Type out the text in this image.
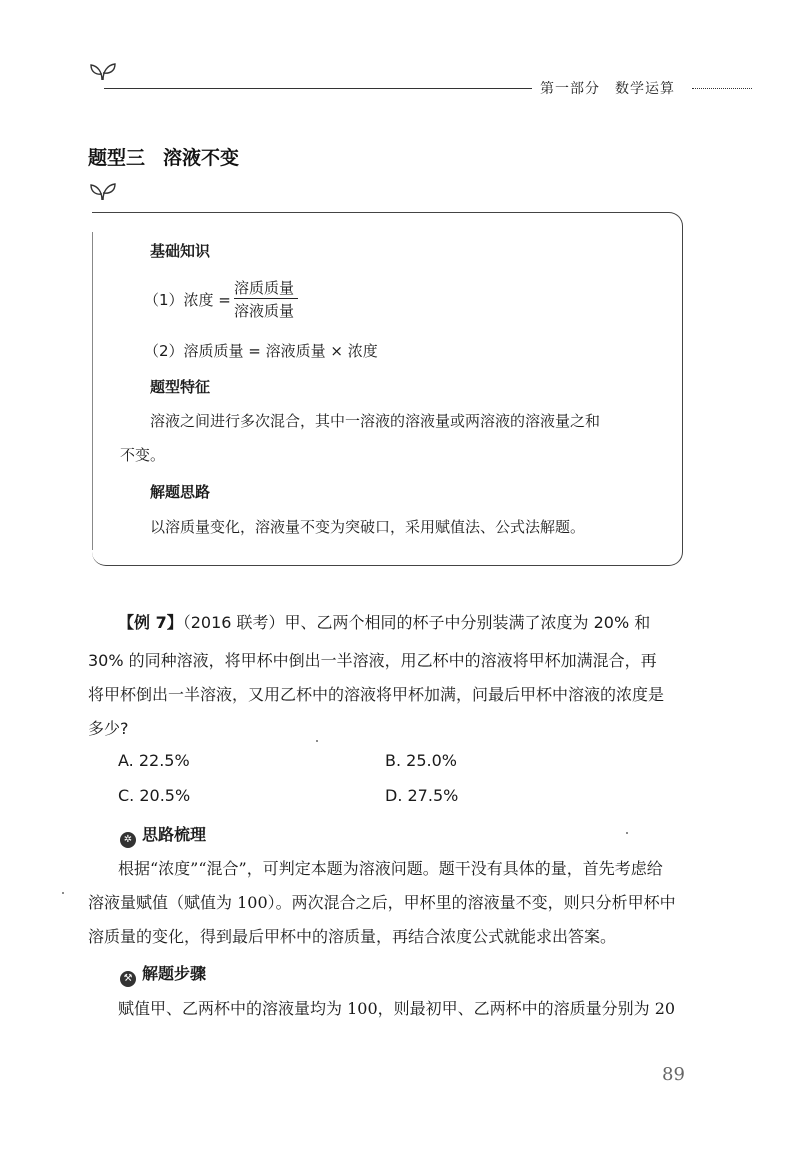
第一部分　数学运算
题型三 溶液不变
基础知识
（1）浓度 =
溶质质量
溶液质量
（2）溶质质量 = 溶液质量 × 浓度
题型特征
溶液之间进行多次混合，其中一溶液的溶液量或两溶液的溶液量之和
不变。
解题思路
以溶质量变化，溶液量不变为突破口，采用赋值法、公式法解题。
【例 7】（2016 联考）甲、乙两个相同的杯子中分别装满了浓度为 20% 和
30% 的同种溶液，将甲杯中倒出一半溶液，用乙杯中的溶液将甲杯加满混合，再
将甲杯倒出一半溶液，又用乙杯中的溶液将甲杯加满，问最后甲杯中溶液的浓度是
多少?
A. 22.5%	B. 25.0%
C. 20.5%	D. 27.5%
✲ 思路梳理
根据“浓度”“混合”，可判定本题为溶液问题。题干没有具体的量，首先考虑给
溶液量赋值（赋值为 100）。两次混合之后，甲杯里的溶液量不变，则只分析甲杯中
溶质量的变化，得到最后甲杯中的溶质量，再结合浓度公式就能求出答案。
⚒ 解题步骤
赋值甲、乙两杯中的溶液量均为 100，则最初甲、乙两杯中的溶质量分别为 20
89
